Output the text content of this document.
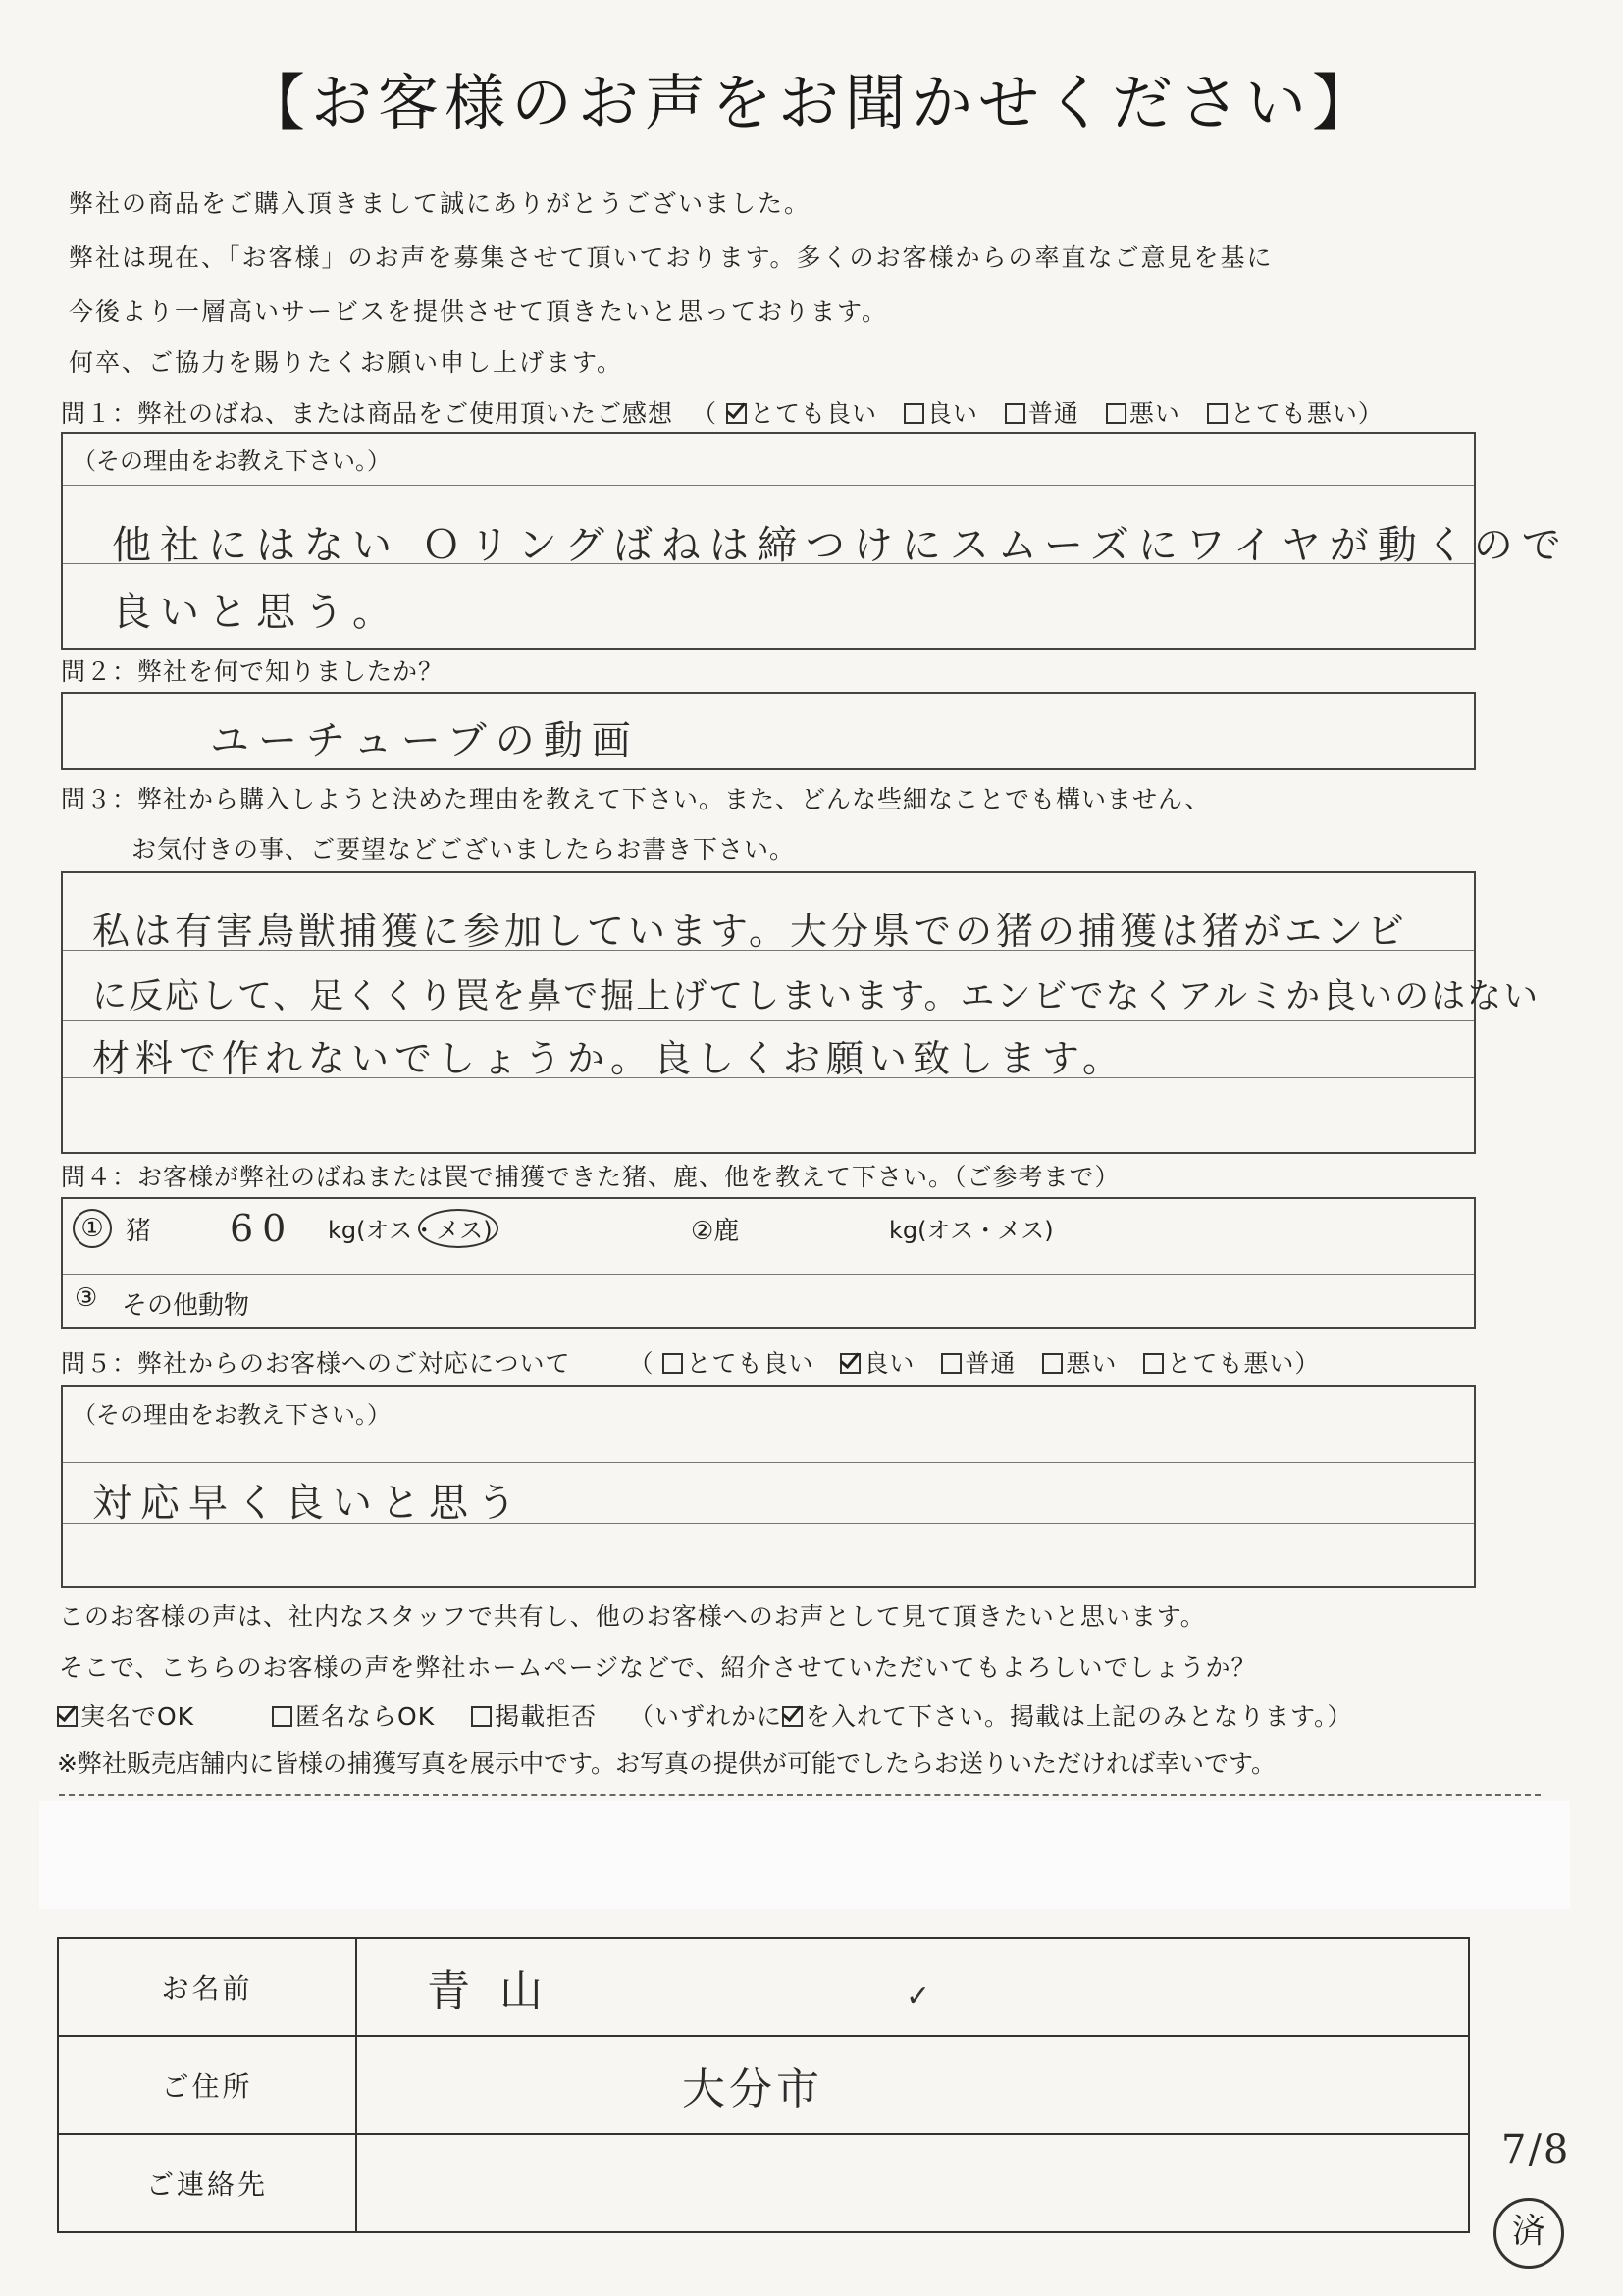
【お客様のお声をお聞かせください】
弊社の商品をご購入頂きまして誠にありがとうございました。
弊社は現在、「お客様」のお声を募集させて頂いております。多くのお客様からの率直なご意見を基に
今後より一層高いサービスを提供させて頂きたいと思っております。
何卒、ご協力を賜りたくお願い申し上げます。
問１：弊社のばね、または商品をご使用頂いたご感想 （ とても良い 良い 普通 悪い とても悪い）
（その理由をお教え下さい。）
他社にはない Ｏリングばねは締つけにスムーズにワイヤが動くので
良いと思う。
問２：弊社を何で知りましたか？
ユーチューブの動画
問３：弊社から購入しようと決めた理由を教えて下さい。また、どんな些細なことでも構いません、
お気付きの事、ご要望などございましたらお書き下さい。
私は有害鳥獣捕獲に参加しています。大分県での猪の捕獲は猪がエンビ
に反応して、足くくり罠を鼻で掘上げてしまいます。エンビでなくアルミか良いのはない
材料で作れないでしょうか。良しくお願い致します。
問４：お客様が弊社のばねまたは罠で捕獲できた猪、鹿、他を教えて下さい。（ご参考まで）
① 猪 60 kg(オス・メス)	②鹿	kg(オス・メス)
③ その他動物
問５：弊社からのお客様へのご対応について （ とても良い 良い 普通 悪い とても悪い）
（その理由をお教え下さい。）
対応早く良いと思う
このお客様の声は、社内なスタッフで共有し、他のお客様へのお声として見て頂きたいと思います。
そこで、こちらのお客様の声を弊社ホームページなどで、紹介させていただいてもよろしいでしょうか？
実名でOK	匿名ならOK 掲載拒否 （いずれかに を入れて下さい。掲載は上記のみとなります。）
※弊社販売店舗内に皆様の捕獲写真を展示中です。お写真の提供が可能でしたらお送りいただければ幸いです。
お名前	青山 ✓
ご住所	大分市
ご連絡先	
7/8
済
